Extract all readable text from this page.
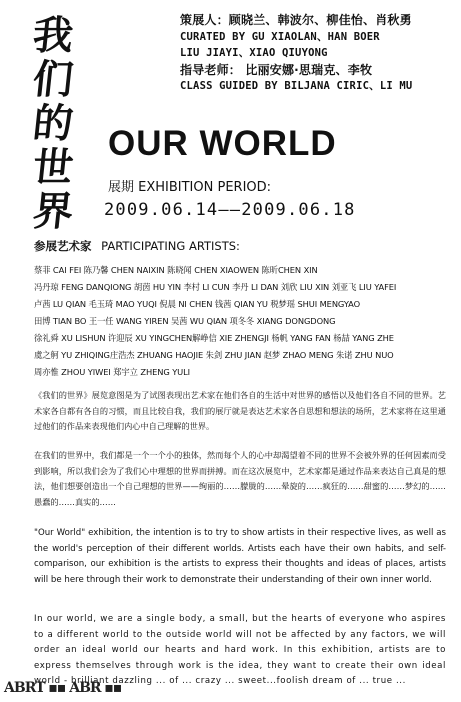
我
们
的
世
界
策展人：顾晓兰、韩波尔、柳佳怡、肖秋勇
CURATED BY GU XIAOLAN、HAN BOER
LIU JIAYI、XIAO QIUYONG
指导老师： 比丽安娜·思瑞克、李牧
CLASS GUIDED BY BILJANA CIRIC、LI MU
OUR WORLD
展期 EXHIBITION PERIOD:
2009.06.14——2009.06.18
参展艺术家 PARTICIPATING ARTISTS:
蔡菲 CAI FEI 陈乃馨 CHEN NAIXIN 陈晓闻 CHEN XIAOWEN 陈昕CHEN XIN
冯丹琼 FENG DANQIONG 胡茵 HU YIN 李村 LI CUN 李丹 LI DAN 刘欣 LIU XIN 刘亚飞 LIU YAFEI
卢茜 LU QIAN 毛玉琦 MAO YUQI 倪晨 NI CHEN 钱茜 QIAN YU 税梦瑶 SHUI MENGYAO
田博 TIAN BO 王一任 WANG YIREN 吴茜 WU QIAN 项冬冬 XIANG DONGDONG
徐礼舜 XU LISHUN 许迎辰 XU YINGCHEN解峥信 XIE ZHENGJI 杨帆 YANG FAN 杨喆 YANG ZHE
虞之舸 YU ZHIQING庄浩杰 ZHUANG HAOJIE 朱剑 ZHU JIAN 赵梦 ZHAO MENG 朱诺 ZHU NUO
周亦惟 ZHOU YIWEI 郑宇立 ZHENG YULI
《我们的世界》展览意图是为了试图表现出艺术家在他们各自的生活中对世界的感悟以及他们各自不同的世界。艺术家各自都有各自的习惯，而且比较自我，我们的展厅就是表达艺术家各自思想和想法的场所，艺术家将在这里通过他们的作品来表现他们内心中自己理解的世界。
在我们的世界中，我们都是一个一个小的独体，然而每个人的心中却渴望着不同的世界不会被外界的任何因素而受到影响，所以我们会为了我们心中理想的世界而拼搏。而在这次展览中，艺术家都是通过作品来表达自己真是的想法，他们想要创造出一个自己理想的世界——绚丽的……朦胧的……晕旋的……疯狂的……甜蜜的……梦幻的……愚蠢的……真实的……
"Our World" exhibition, the intention is to try to show artists in their respective lives, as well as the world's perception of their different worlds. Artists each have their own habits, and self-comparison, our exhibition is the artists to express their thoughts and ideas of places, artists will be here through their work to demonstrate their understanding of their own inner world.
In our world, we are a single body, a small, but the hearts of everyone who aspires to a different world to the outside world will not be affected by any factors, we will order an ideal world our hearts and hard work. In this exhibition, artists are to express themselves through work is the idea, they want to create their own ideal world - brilliant dazzling ... of ... crazy ... sweet...foolish dream of ... true ...
ABRT ▪▪ ABR ▪▪
